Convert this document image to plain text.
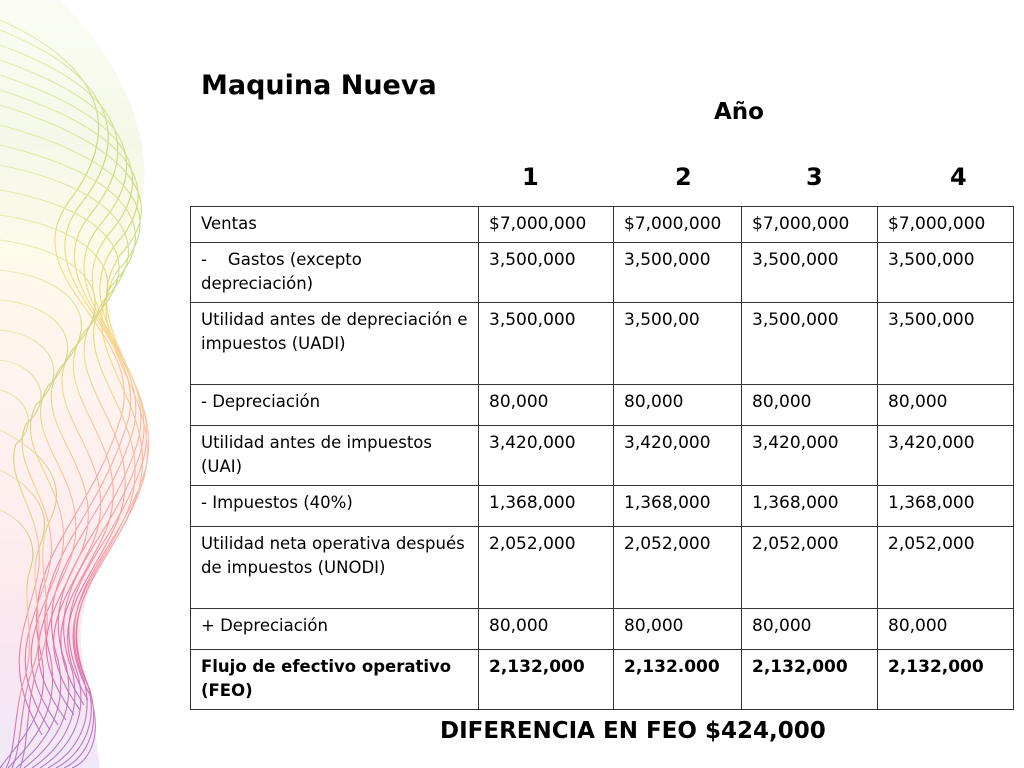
Maquina Nueva
Año
1	2	3	4
Ventas	$7,000,000	$7,000,000	$7,000,000	$7,000,000
-    Gastos (excepto depreciación)	3,500,000	3,500,000	3,500,000	3,500,000
Utilidad antes de depreciación e impuestos (UADI)	3,500,000	3,500,00	3,500,000	3,500,000
- Depreciación	80,000	80,000	80,000	80,000
Utilidad antes de impuestos (UAI)	3,420,000	3,420,000	3,420,000	3,420,000
- Impuestos (40%)	1,368,000	1,368,000	1,368,000	1,368,000
Utilidad neta operativa después de impuestos (UNODI)	2,052,000	2,052,000	2,052,000	2,052,000
+ Depreciación	80,000	80,000	80,000	80,000
Flujo de efectivo operativo (FEO)	2,132,000	2,132.000	2,132,000	2,132,000
DIFERENCIA EN FEO $424,000
